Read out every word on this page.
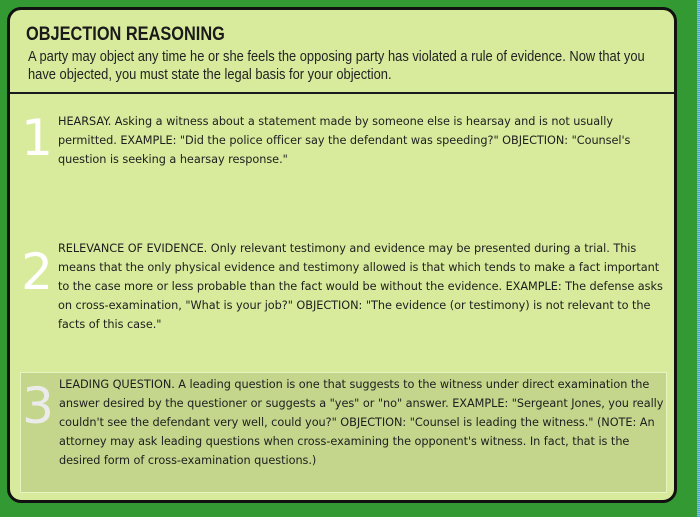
OBJECTION REASONING
A party may object any time he or she feels the opposing party has violated a rule of evidence. Now that you have objected, you must state the legal basis for your objection.
1 HEARSAY. Asking a witness about a statement made by someone else is hearsay and is not usually permitted. EXAMPLE: "Did the police officer say the defendant was speeding?" OBJECTION: "Counsel's question is seeking a hearsay response."
2 RELEVANCE OF EVIDENCE. Only relevant testimony and evidence may be presented during a trial. This means that the only physical evidence and testimony allowed is that which tends to make a fact important to the case more or less probable than the fact would be without the evidence. EXAMPLE: The defense asks on cross-examination, "What is your job?" OBJECTION: "The evidence (or testimony) is not relevant to the facts of this case."
3 LEADING QUESTION. A leading question is one that suggests to the witness under direct examination the answer desired by the questioner or suggests a "yes" or "no" answer. EXAMPLE: "Sergeant Jones, you really couldn't see the defendant very well, could you?" OBJECTION: "Counsel is leading the witness." (NOTE: An attorney may ask leading questions when cross-examining the opponent's witness. In fact, that is the desired form of cross-examination questions.)
